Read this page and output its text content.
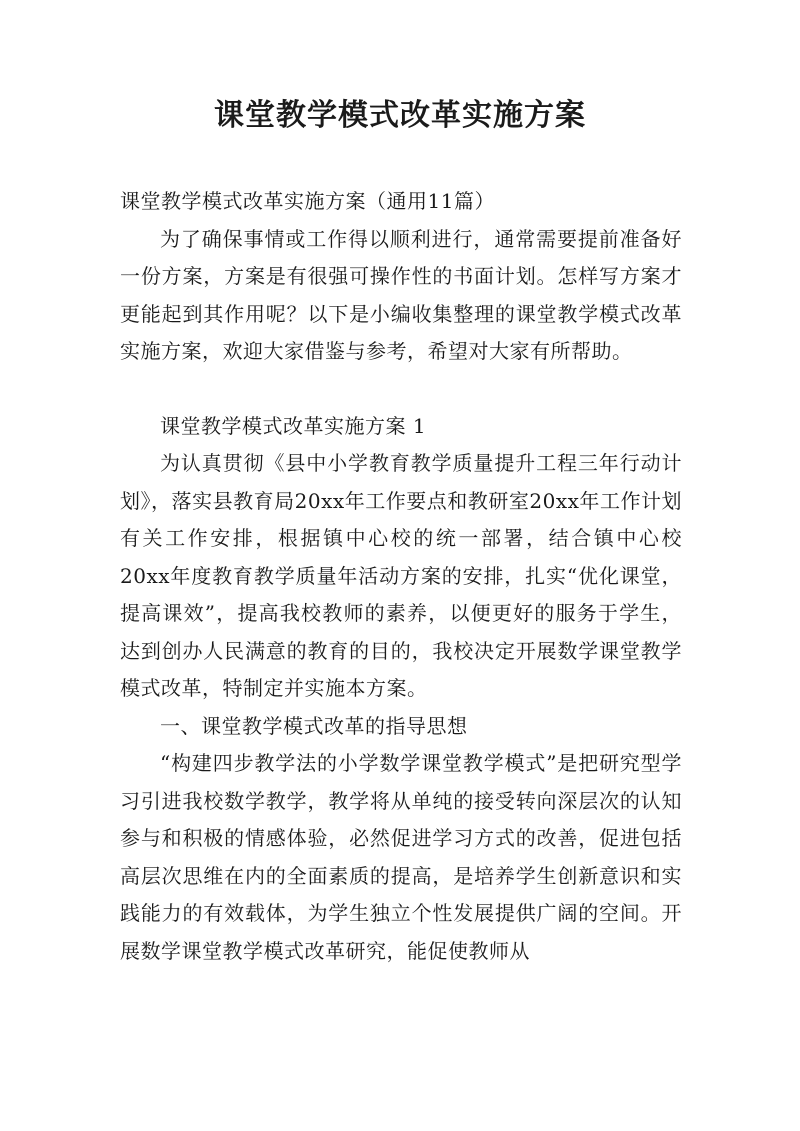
课堂教学模式改革实施方案

课堂教学模式改革实施方案（通用11篇）

为了确保事情或工作得以顺利进行，通常需要提前准备好一份方案，方案是有很强可操作性的书面计划。怎样写方案才更能起到其作用呢？以下是小编收集整理的课堂教学模式改革实施方案，欢迎大家借鉴与参考，希望对大家有所帮助。

课堂教学模式改革实施方案 1

为认真贯彻《县中小学教育教学质量提升工程三年行动计划》，落实县教育局20xx年工作要点和教研室20xx年工作计划有关工作安排，根据镇中心校的统一部署，结合镇中心校20xx年度教育教学质量年活动方案的安排，扎实“优化课堂，提高课效”，提高我校教师的素养，以便更好的服务于学生，达到创办人民满意的教育的目的，我校决定开展数学课堂教学模式改革，特制定并实施本方案。

一、课堂教学模式改革的指导思想

“构建四步教学法的小学数学课堂教学模式”是把研究型学习引进我校数学教学，教学将从单纯的接受转向深层次的认知参与和积极的情感体验，必然促进学习方式的改善，促进包括高层次思维在内的全面素质的提高，是培养学生创新意识和实践能力的有效载体，为学生独立个性发展提供广阔的空间。开展数学课堂教学模式改革研究，能促使教师从
